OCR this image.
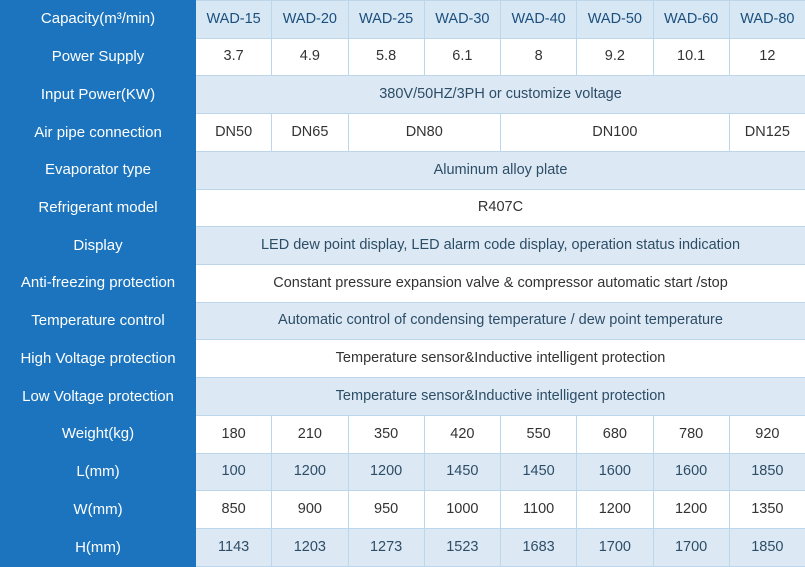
Capacity(m³/min)	WAD-15	WAD-20	WAD-25	WAD-30	WAD-40	WAD-50	WAD-60	WAD-80
Power Supply	3.7	4.9	5.8	6.1	8	9.2	10.1	12
Input Power(KW)	380V/50HZ/3PH or customize voltage							
Air pipe connection	DN50	DN65	DN80		DN100			DN125
Evaporator type	Aluminum alloy plate							
Refrigerant model	R407C							
Display	LED dew point display, LED alarm code display, operation status indication							
Anti-freezing protection	Constant pressure expansion valve & compressor automatic start /stop							
Temperature control	Automatic control of condensing temperature / dew point temperature							
High Voltage protection	Temperature sensor&Inductive intelligent protection							
Low Voltage protection	Temperature sensor&Inductive intelligent protection							
Weight(kg)	180	210	350	420	550	680	780	920
L(mm)	100	1200	1200	1450	1450	1600	1600	1850
W(mm)	850	900	950	1000	1100	1200	1200	1350
H(mm)	1143	1203	1273	1523	1683	1700	1700	1850
